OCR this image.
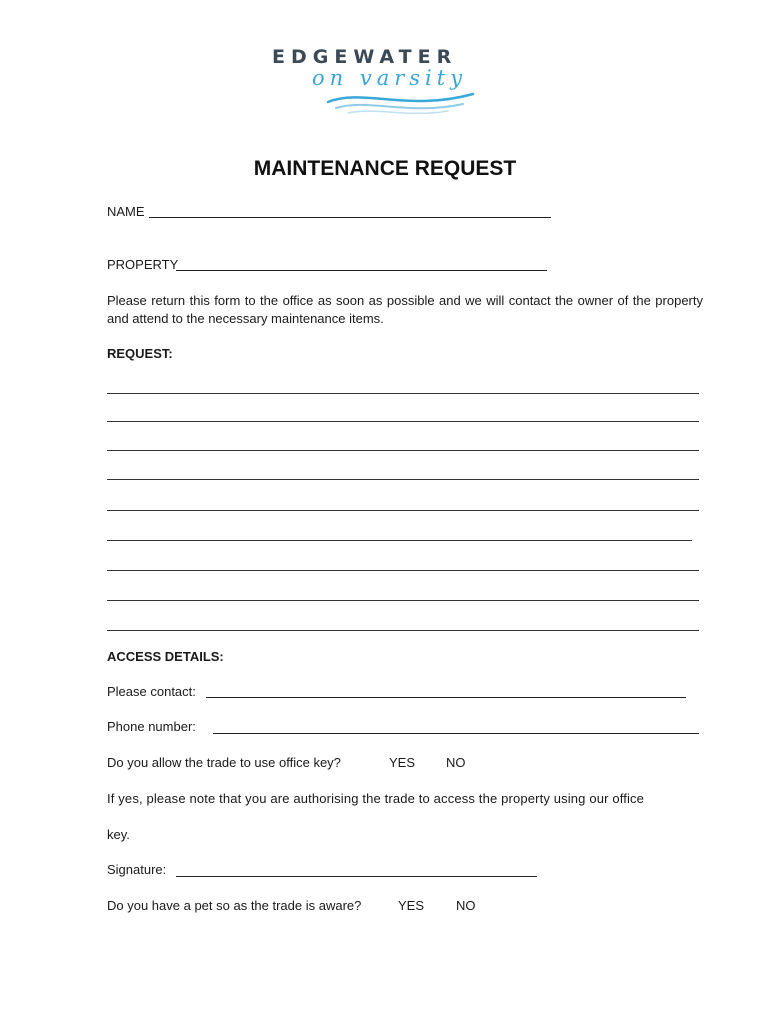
EDGEWATER
on varsity
MAINTENANCE REQUEST
NAME
PROPERTY
Please return this form to the office as soon as possible and we will contact the owner of the property and attend to the necessary maintenance items.
REQUEST:
ACCESS DETAILS:
Please contact:
Phone number:
Do you allow the trade to use office key?	YES NO
If yes, please note that you are authorising the trade to access the property using our office
key.
Signature:
Do you have a pet so as the trade is aware?	YES NO
